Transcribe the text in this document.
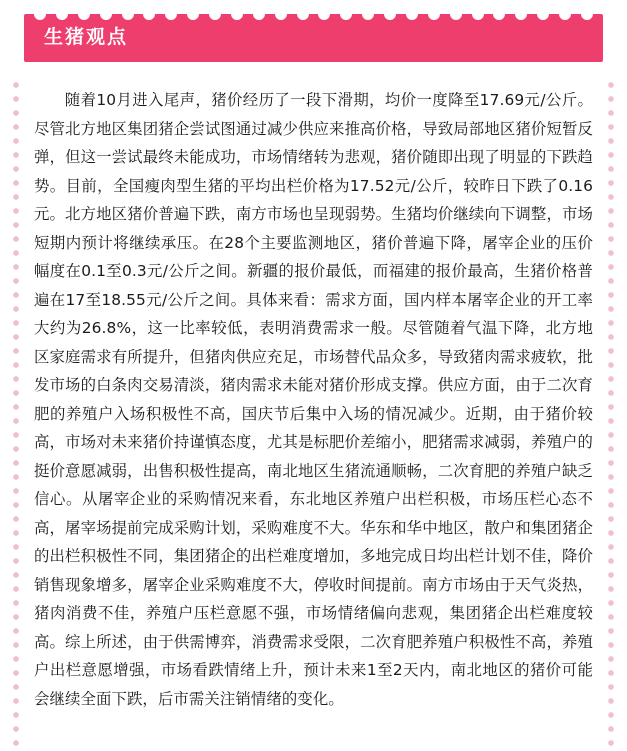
生猪观点

随着10月进入尾声，猪价经历了一段下滑期，均价一度降至17.69元/公斤。尽管北方地区集团猪企尝试图通过减少供应来推高价格，导致局部地区猪价短暂反弹，但这一尝试最终未能成功，市场情绪转为悲观，猪价随即出现了明显的下跌趋势。目前，全国瘦肉型生猪的平均出栏价格为17.52元/公斤，较昨日下跌了0.16元。北方地区猪价普遍下跌，南方市场也呈现弱势。生猪均价继续向下调整，市场短期内预计将继续承压。在28个主要监测地区，猪价普遍下降，屠宰企业的压价幅度在0.1至0.3元/公斤之间。新疆的报价最低，而福建的报价最高，生猪价格普遍在17至18.55元/公斤之间。具体来看：需求方面，国内样本屠宰企业的开工率大约为26.8%，这一比率较低，表明消费需求一般。尽管随着气温下降，北方地区家庭需求有所提升，但猪肉供应充足，市场替代品众多，导致猪肉需求疲软，批发市场的白条肉交易清淡，猪肉需求未能对猪价形成支撑。供应方面，由于二次育肥的养殖户入场积极性不高，国庆节后集中入场的情况减少。近期，由于猪价较高，市场对未来猪价持谨慎态度，尤其是标肥价差缩小，肥猪需求减弱，养殖户的挺价意愿减弱，出售积极性提高，南北地区生猪流通顺畅，二次育肥的养殖户缺乏信心。从屠宰企业的采购情况来看，东北地区养殖户出栏积极，市场压栏心态不高，屠宰场提前完成采购计划，采购难度不大。华东和华中地区，散户和集团猪企的出栏积极性不同，集团猪企的出栏难度增加，多地完成日均出栏计划不佳，降价销售现象增多，屠宰企业采购难度不大，停收时间提前。南方市场由于天气炎热，猪肉消费不佳，养殖户压栏意愿不强，市场情绪偏向悲观，集团猪企出栏难度较高。综上所述，由于供需博弈，消费需求受限，二次育肥养殖户积极性不高，养殖户出栏意愿增强，市场看跌情绪上升，预计未来1至2天内，南北地区的猪价可能会继续全面下跌，后市需关注销情绪的变化。
